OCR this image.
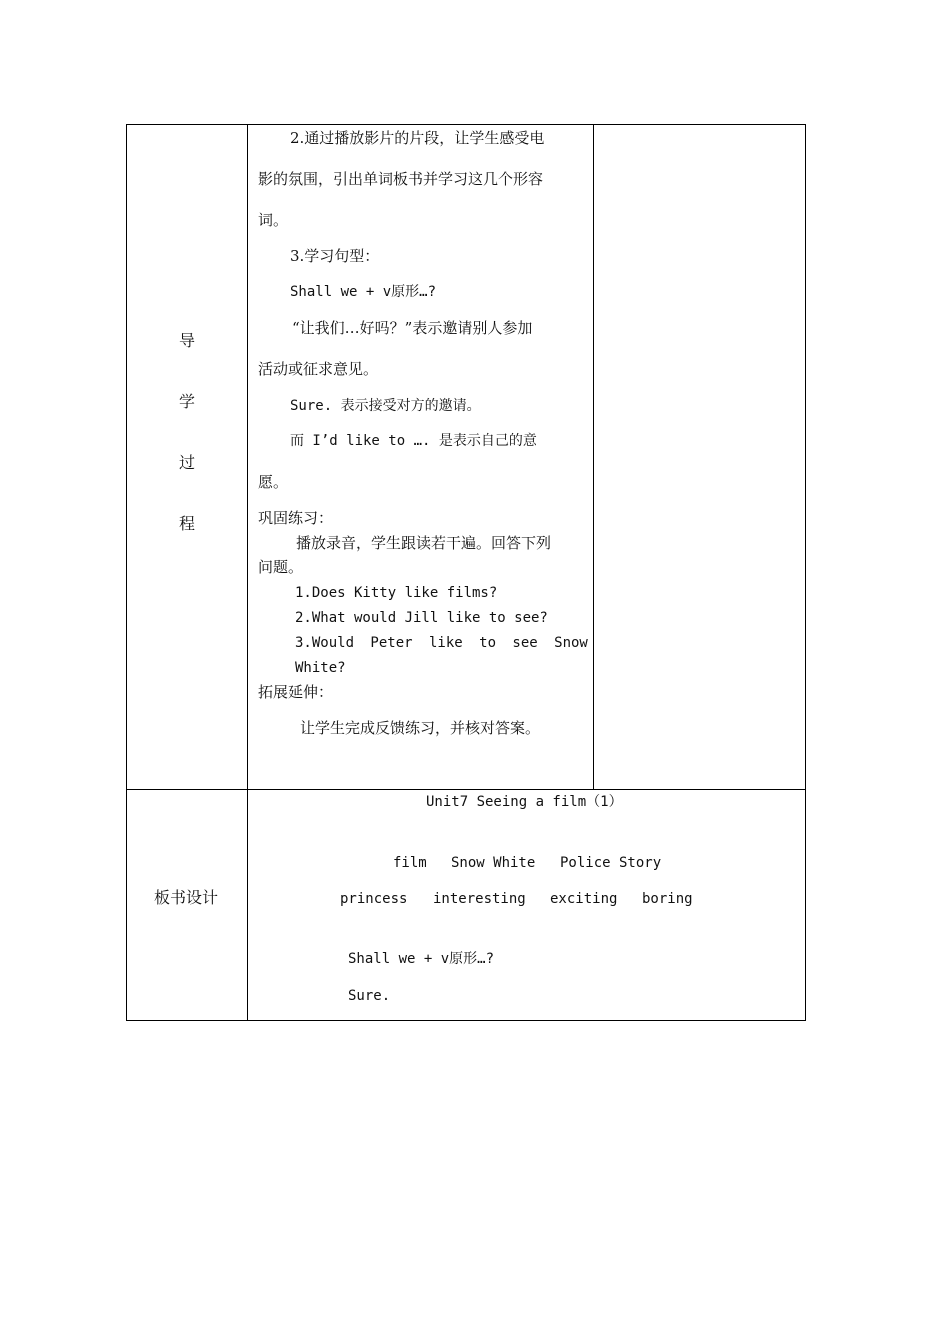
导
学
过
程
2.通过播放影片的片段，让学生感受电
影的氛围，引出单词板书并学习这几个形容
词。
3.学习句型：
Shall we + v原形…?
“让我们…好吗？”表示邀请别人参加
活动或征求意见。
Sure. 表示接受对方的邀请。
而 I’d like to …. 是表示自己的意
愿。
巩固练习：
播放录音，学生跟读若干遍。回答下列
问题。
1.Does Kitty like films?
2.What would Jill like to see?
3.Would Peter like to see Snow
White?
拓展延伸：
让学生完成反馈练习，并核对答案。
板书设计
Unit7 Seeing a film（1）
film Snow White Police Story
princess interesting exciting boring
Shall we + v原形…?
Sure.
